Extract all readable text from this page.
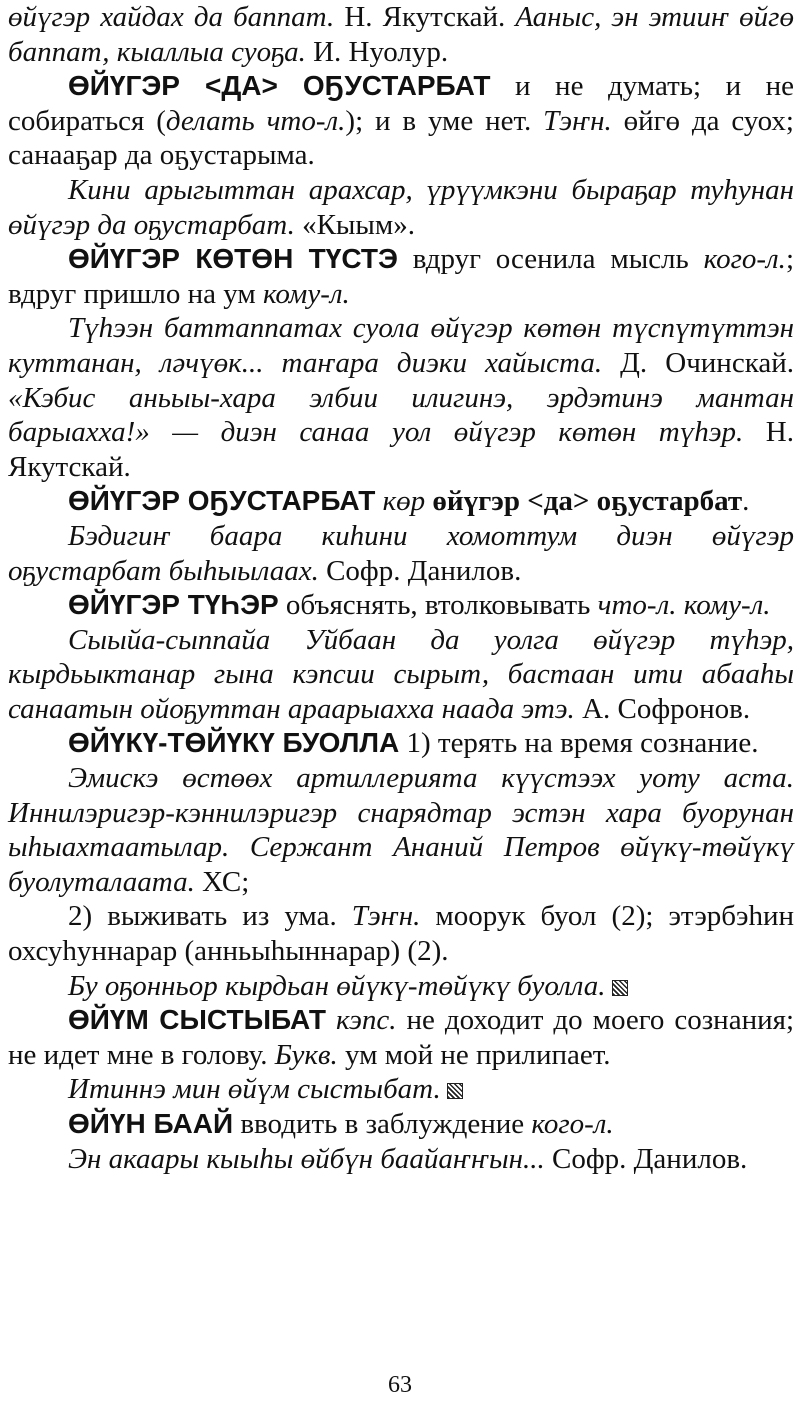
өйүгэр хайдах да баппат. Н. Якутскай. Ааныс, эн этииҥ өйгө баппат, кыаллыа суоҕа. И. Нуолур.

ӨЙҮГЭР <ДА> ОҔУСТАРБАТ и не думать; и не собираться (делать что-л.); и в уме нет. Тэҥн. өйгө да суох; санааҕар да оҕустарыма.

Кини арыгыттан арахсар, үрүүмкэни быраҕар туһунан өйүгэр да оҕустарбат. «Кыым».

ӨЙҮГЭР КӨТӨН ТҮСТЭ вдруг осенила мысль кого-л.; вдруг пришло на ум кому-л.

Түһээн баттаппатах суола өйүгэр көтөн түспүтүттэн куттанан, ләчүөк... таҥара диэки хайыста. Д. Очинскай. «Кэбис аньыы-хара элбии илигинэ, эрдэтинэ мантан барыахха!» — диэн санаа уол өйүгэр көтөн түһэр. Н. Якутскай.

ӨЙҮГЭР ОҔУСТАРБАТ көр өйүгэр <да> оҕустарбат.

Бэдигиҥ баара киһини хомоттум диэн өйүгэр оҕустарбат быһыылаах. Софр. Данилов.

ӨЙҮГЭР ТҮҺЭР объяснять, втолковывать что-л. кому-л.

Сыыйа-сыппайа Уйбаан да уолга өйүгэр түһэр, кырдьыктанар гына кэпсии сырыт, бастаан ити абааһы санаатын ойоҕуттан араарыахха наада этэ. А. Софронов.

ӨЙҮКҮ-ТӨЙҮКҮ БУОЛЛА 1) терять на время сознание.

Эмискэ өстөөх артиллерията күүстээх уоту аста. Иннилэригэр-кэннилэригэр снарядтар эстэн хара буорунан ыһыахтаатылар. Сержант Ананий Петров өйүкү-төйүкү буолуталаата. ХС;

2) выживать из ума. Тэҥн. моорук буол (2); этэрбэһин охсуһуннарар (анньыһыннарар) (2).

Бу оҕонньор кырдьан өйүкү-төйүкү буолла.

ӨЙҮМ СЫСТЫБАТ кэпс. не доходит до моего сознания; не идет мне в голову. Букв. ум мой не прилипает.

Итиннэ мин өйүм сыстыбат.

ӨЙҮН БААЙ вводить в заблуждение кого-л.

Эн акаары кыыһы өйбүн баайаҥҥын... Софр. Данилов.

63
